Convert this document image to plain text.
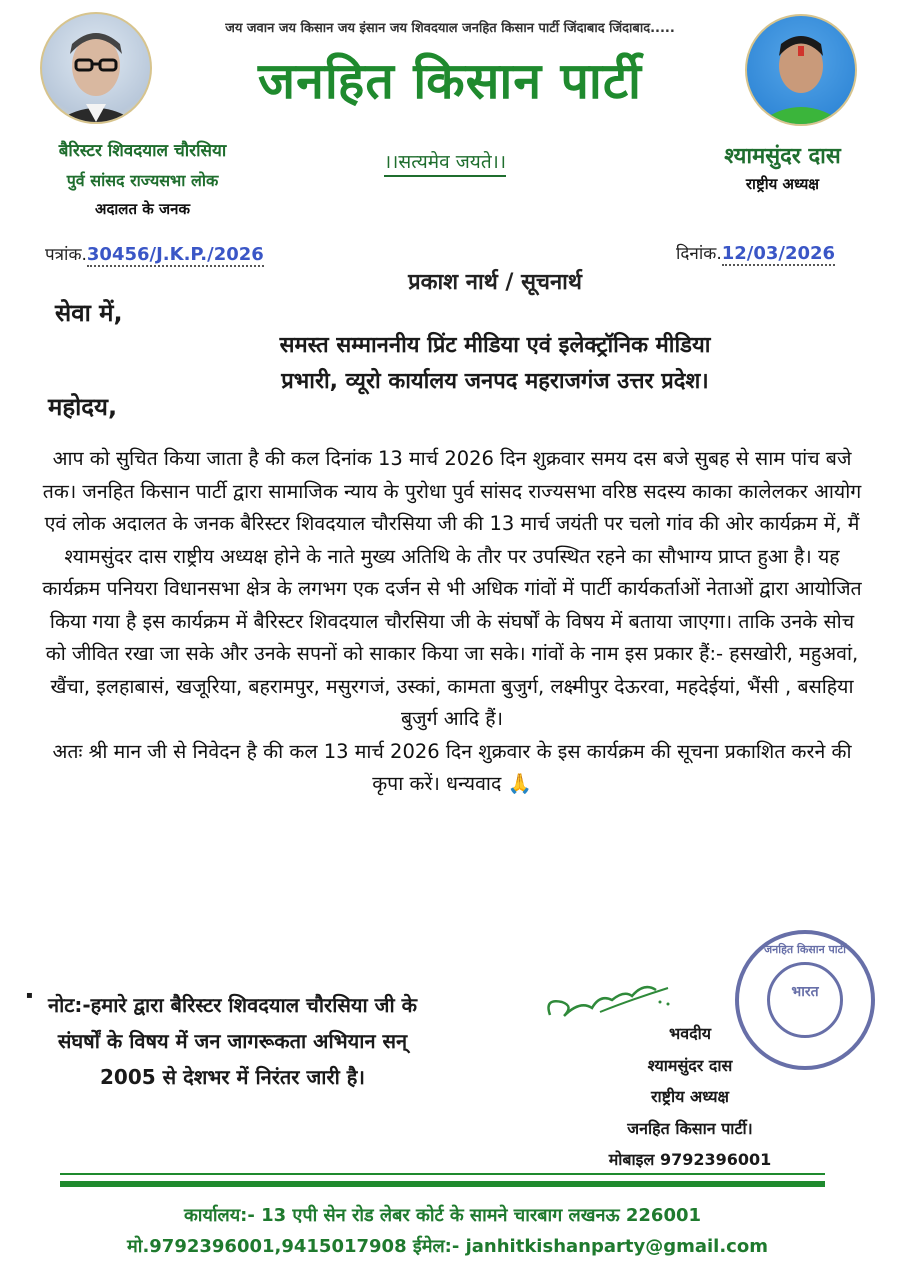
जय जवान जय किसान जय इंसान जय शिवदयाल जनहित किसान पार्टी जिंदाबाद जिंदाबाद.....
जनहित किसान पार्टी
बैरिस्टर शिवदयाल चौरसिया
पुर्व सांसद राज्यसभा लोक
अदालत के जनक
।।सत्यमेव जयते।।	श्यामसुंदर दास
राष्ट्रीय अध्यक्ष
पत्रांक.30456/J.K.P./2026	दिनांक.12/03/2026
प्रकाश नार्थ / सूचनार्थ
सेवा में,
समस्त सम्माननीय प्रिंट मीडिया एवं इलेक्ट्रॉनिक मीडिया
प्रभारी, व्यूरो कार्यालय जनपद महराजगंज उत्तर प्रदेश।
महोदय,
आप को सुचित किया जाता है की कल दिनांक 13 मार्च 2026 दिन शुक्रवार समय दस बजे सुबह से साम पांच बजे तक। जनहित किसान पार्टी द्वारा सामाजिक न्याय के पुरोधा पुर्व सांसद राज्यसभा वरिष्ठ सदस्य काका कालेलकर आयोग एवं लोक अदालत के जनक बैरिस्टर शिवदयाल चौरसिया जी की 13 मार्च जयंती पर चलो गांव की ओर कार्यक्रम में, मैं श्यामसुंदर दास राष्ट्रीय अध्यक्ष होने के नाते मुख्य अतिथि के तौर पर उपस्थित रहने का सौभाग्य प्राप्त हुआ है। यह कार्यक्रम पनियरा विधानसभा क्षेत्र के लगभग एक दर्जन से भी अधिक गांवों में पार्टी कार्यकर्ताओं नेताओं द्वारा आयोजित किया गया है इस कार्यक्रम में बैरिस्टर शिवदयाल चौरसिया जी के संघर्षों के विषय में बताया जाएगा। ताकि उनके सोच को जीवित रखा जा सके और उनके सपनों को साकार किया जा सके। गांवों के नाम इस प्रकार हैं:- हसखोरी, महुअवां, खैंचा, इलहाबासं, खजूरिया, बहरामपुर, मसुरगजं, उस्कां, कामता बुजुर्ग, लक्ष्मीपुर देऊरवा, महदेईयां, भैंसी , बसहिया बुजुर्ग आदि हैं।
अतः श्री मान जी से निवेदन है की कल 13 मार्च 2026 दिन शुक्रवार के इस कार्यक्रम की सूचना प्रकाशित करने की कृपा करें। धन्यवाद 🙏
▪ नोट:-हमारे द्वारा बैरिस्टर शिवदयाल चौरसिया जी के संघर्षों के विषय में जन जागरूकता अभियान सन् 2005 से देशभर में निरंतर जारी है।
जनहित किसान पार्टी
भारत
भवदीय
श्यामसुंदर दास
राष्ट्रीय अध्यक्ष
जनहित किसान पार्टी।
मोबाइल 9792396001
कार्यालय:- 13 एपी सेन रोड लेबर कोर्ट के सामने चारबाग लखनऊ 226001
मो.9792396001,9415017908 ईमेल:- janhitkishanparty@gmail.com
